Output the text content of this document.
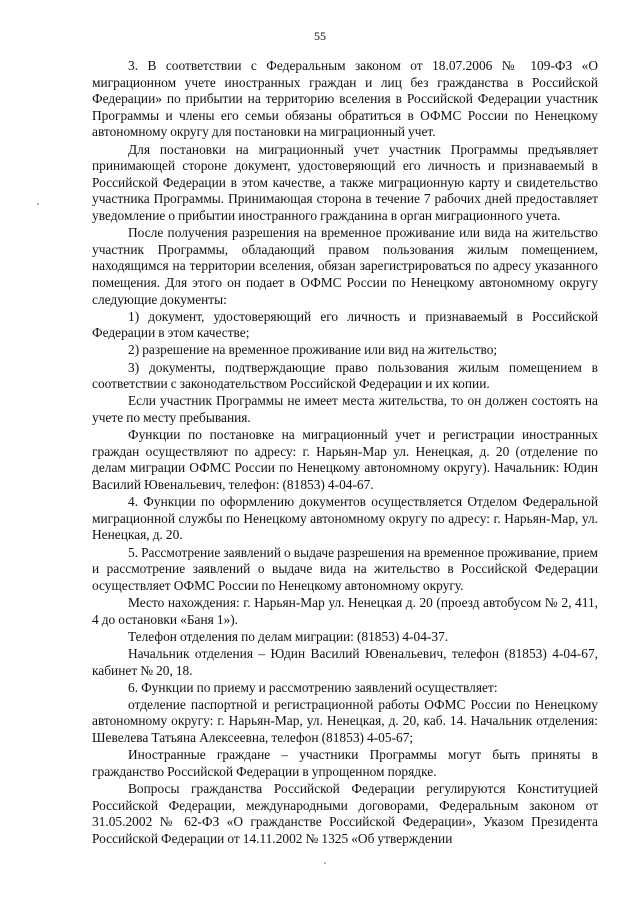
55

3. В соответствии с Федеральным законом от 18.07.2006 № 109-ФЗ «О миграционном учете иностранных граждан и лиц без гражданства в Российской Федерации» по прибытии на территорию вселения в Российской Федерации участник Программы и члены его семьи обязаны обратиться в ОФМС России по Ненецкому автономному округу для постановки на миграционный учет.

Для постановки на миграционный учет участник Программы предъявляет принимающей стороне документ, удостоверяющий его личность и признаваемый в Российской Федерации в этом качестве, а также миграционную карту и свидетельство участника Программы. Принимающая сторона в течение 7 рабочих дней предоставляет уведомление о прибытии иностранного гражданина в орган миграционного учета.

После получения разрешения на временное проживание или вида на жительство участник Программы, обладающий правом пользования жилым помещением, находящимся на территории вселения, обязан зарегистрироваться по адресу указанного помещения. Для этого он подает в ОФМС России по Ненецкому автономному округу следующие документы:

1) документ, удостоверяющий его личность и признаваемый в Российской Федерации в этом качестве;

2) разрешение на временное проживание или вид на жительство;

3) документы, подтверждающие право пользования жилым помещением в соответствии с законодательством Российской Федерации и их копии.

Если участник Программы не имеет места жительства, то он должен состоять на учете по месту пребывания.

Функции по постановке на миграционный учет и регистрации иностранных граждан осуществляют по адресу: г. Нарьян-Мар ул. Ненецкая, д. 20 (отделение по делам миграции ОФМС России по Ненецкому автономному округу). Начальник: Юдин Василий Ювенальевич, телефон: (81853) 4-04-67.

4. Функции по оформлению документов осуществляется Отделом Федеральной миграционной службы по Ненецкому автономному округу по адресу: г. Нарьян-Мар, ул. Ненецкая, д. 20.

5. Рассмотрение заявлений о выдаче разрешения на временное проживание, прием и рассмотрение заявлений о выдаче вида на жительство в Российской Федерации осуществляет ОФМС России по Ненецкому автономному округу.

Место нахождения: г. Нарьян-Мар ул. Ненецкая д. 20 (проезд автобусом № 2, 411, 4 до остановки «Баня 1»).

Телефон отделения по делам миграции: (81853) 4-04-37.

Начальник отделения – Юдин Василий Ювенальевич, телефон (81853) 4-04-67, кабинет № 20, 18.

6. Функции по приему и рассмотрению заявлений осуществляет:

отделение паспортной и регистрационной работы ОФМС России по Ненецкому автономному округу: г. Нарьян-Мар, ул. Ненецкая, д. 20, каб. 14. Начальник отделения: Шевелева Татьяна Алексеевна, телефон (81853) 4-05-67;

Иностранные граждане – участники Программы могут быть приняты в гражданство Российской Федерации в упрощенном порядке.

Вопросы гражданства Российской Федерации регулируются Конституцией Российской Федерации, международными договорами, Федеральным законом от 31.05.2002 № 62-ФЗ «О гражданстве Российской Федерации», Указом Президента Российской Федерации от 14.11.2002 № 1325 «Об утверждении
